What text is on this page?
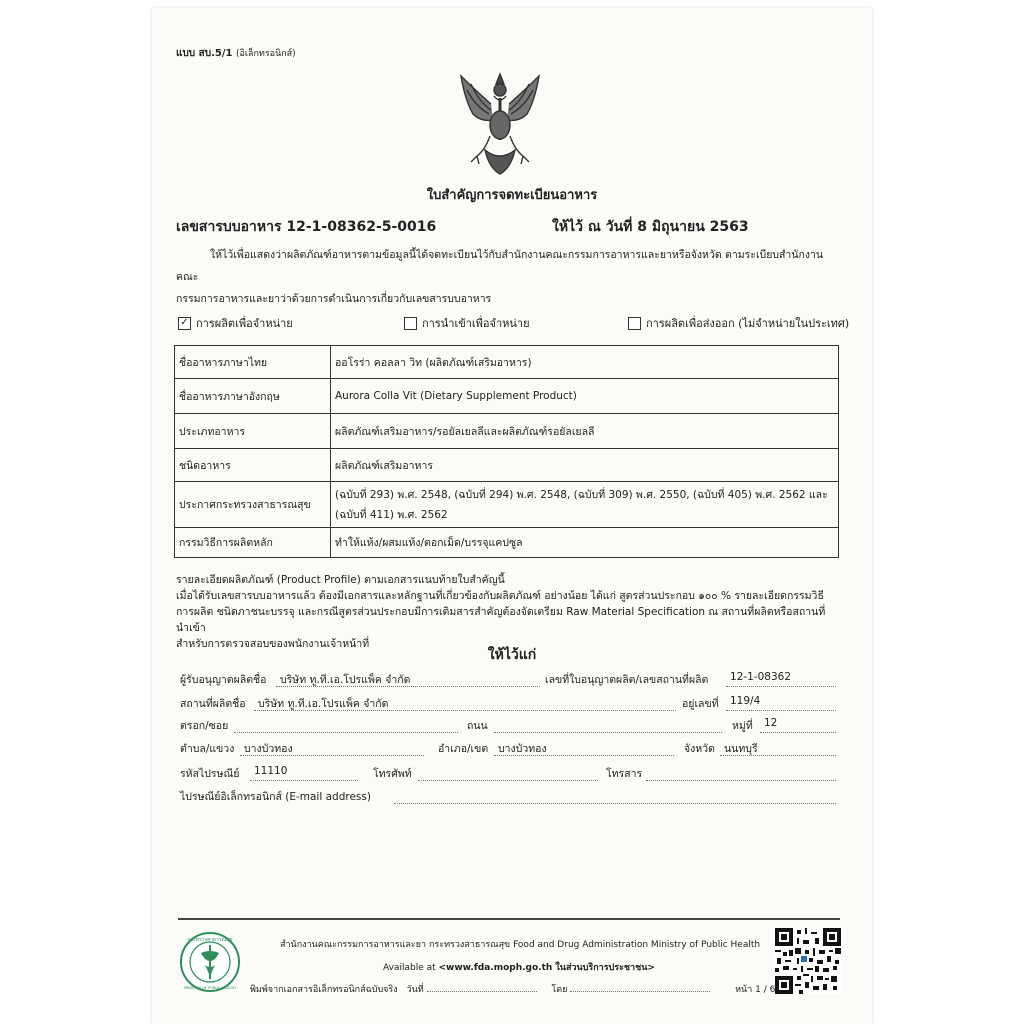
แบบ สบ.5/1 (อิเล็กทรอนิกส์)
ใบสำคัญการจดทะเบียนอาหาร
เลขสารบบอาหาร 12-1-08362-5-0016	ให้ไว้ ณ วันที่ 8 มิถุนายน 2563
ให้ไว้เพื่อแสดงว่าผลิตภัณฑ์อาหารตามข้อมูลนี้ได้จดทะเบียนไว้กับสำนักงานคณะกรรมการอาหารและยาหรือจังหวัด ตามระเบียบสำนักงานคณะ
กรรมการอาหารและยาว่าด้วยการดำเนินการเกี่ยวกับเลขสารบบอาหาร
✓ การผลิตเพื่อจำหน่าย	การนำเข้าเพื่อจำหน่าย	การผลิตเพื่อส่งออก (ไม่จำหน่ายในประเทศ)
ชื่ออาหารภาษาไทย	ออโรร่า คอลลา วิท (ผลิตภัณฑ์เสริมอาหาร)
ชื่ออาหารภาษาอังกฤษ	Aurora Colla Vit (Dietary Supplement Product)
ประเภทอาหาร	ผลิตภัณฑ์เสริมอาหาร/รอยัลเยลลีและผลิตภัณฑ์รอยัลเยลลี
ชนิดอาหาร	ผลิตภัณฑ์เสริมอาหาร
ประกาศกระทรวงสาธารณสุข	(ฉบับที่ 293) พ.ศ. 2548, (ฉบับที่ 294) พ.ศ. 2548, (ฉบับที่ 309) พ.ศ. 2550, (ฉบับที่ 405) พ.ศ. 2562 และ (ฉบับที่ 411) พ.ศ. 2562
กรรมวิธีการผลิตหลัก	ทำให้แห้ง/ผสมแห้ง/ตอกเม็ด/บรรจุแคปซูล
รายละเอียดผลิตภัณฑ์ (Product Profile) ตามเอกสารแนบท้ายใบสำคัญนี้
เมื่อได้รับเลขสารบบอาหารแล้ว ต้องมีเอกสารและหลักฐานที่เกี่ยวข้องกับผลิตภัณฑ์ อย่างน้อย ได้แก่ สูตรส่วนประกอบ ๑๐๐ % รายละเอียดกรรมวิธี
การผลิต ชนิดภาชนะบรรจุ และกรณีสูตรส่วนประกอบมีการเติมสารสำคัญต้องจัดเตรียม Raw Material Specification ณ สถานที่ผลิตหรือสถานที่นำเข้า
สำหรับการตรวจสอบของพนักงานเจ้าหน้าที่
ให้ไว้แก่
ผู้รับอนุญาตผลิตชื่อ	บริษัท ทู.ที.เอ.โปรแพ็ค จำกัด	เลขที่ใบอนุญาตผลิต/เลขสถานที่ผลิต	12-1-08362
สถานที่ผลิตชื่อ	บริษัท ทู.ที.เอ.โปรแพ็ค จำกัด	อยู่เลขที่	119/4
ตรอก/ซอย	ถนน	หมู่ที่	12
ตำบล/แขวง บางบัวทอง	อำเภอ/เขต บางบัวทอง	จังหวัด นนทบุรี
รหัสไปรษณีย์	11110	โทรศัพท์	โทรสาร
ไปรษณีย์อิเล็กทรอนิกส์ (E-mail address)
กระทรวงสาธารณสุข
MINISTRY OF PUBLIC HEALTH
สำนักงานคณะกรรมการอาหารและยา กระทรวงสาธารณสุข Food and Drug Administration Ministry of Public Health
Available at <www.fda.moph.go.th ในส่วนบริการประชาชน>
พิมพ์จากเอกสารอิเล็กทรอนิกส์ฉบับจริง วันที่	โดย	หน้า 1 / 6
